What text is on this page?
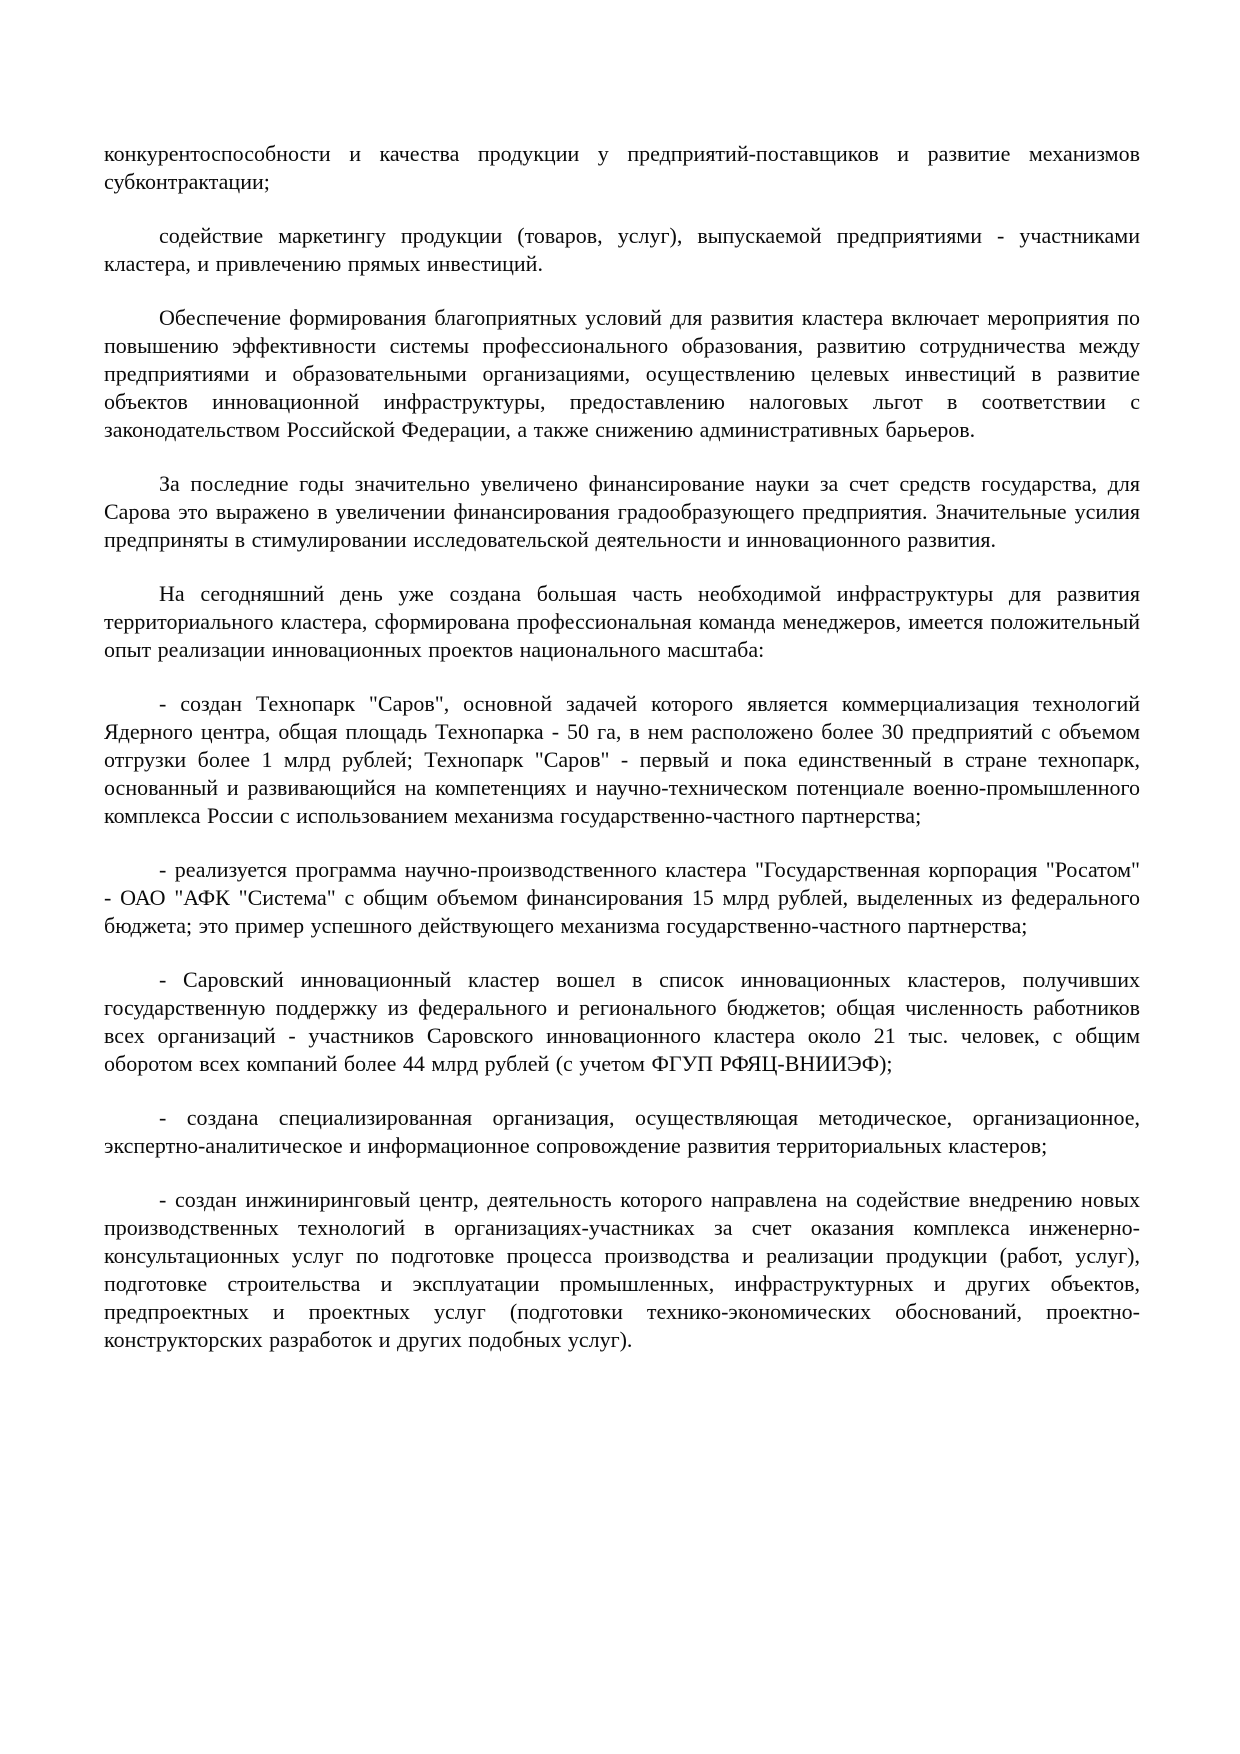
конкурентоспособности и качества продукции у предприятий-поставщиков и развитие механизмов субконтрактации;

содействие маркетингу продукции (товаров, услуг), выпускаемой предприятиями - участниками кластера, и привлечению прямых инвестиций.

Обеспечение формирования благоприятных условий для развития кластера включает мероприятия по повышению эффективности системы профессионального образования, развитию сотрудничества между предприятиями и образовательными организациями, осуществлению целевых инвестиций в развитие объектов инновационной инфраструктуры, предоставлению налоговых льгот в соответствии с законодательством Российской Федерации, а также снижению административных барьеров.

За последние годы значительно увеличено финансирование науки за счет средств государства, для Сарова это выражено в увеличении финансирования градообразующего предприятия. Значительные усилия предприняты в стимулировании исследовательской деятельности и инновационного развития.

На сегодняшний день уже создана большая часть необходимой инфраструктуры для развития территориального кластера, сформирована профессиональная команда менеджеров, имеется положительный опыт реализации инновационных проектов национального масштаба:

- создан Технопарк "Саров", основной задачей которого является коммерциализация технологий Ядерного центра, общая площадь Технопарка - 50 га, в нем расположено более 30 предприятий с объемом отгрузки более 1 млрд рублей; Технопарк "Саров" - первый и пока единственный в стране технопарк, основанный и развивающийся на компетенциях и научно-техническом потенциале военно-промышленного комплекса России с использованием механизма государственно-частного партнерства;

- реализуется программа научно-производственного кластера "Государственная корпорация "Росатом" - ОАО "АФК "Система" с общим объемом финансирования 15 млрд рублей, выделенных из федерального бюджета; это пример успешного действующего механизма государственно-частного партнерства;

- Саровский инновационный кластер вошел в список инновационных кластеров, получивших государственную поддержку из федерального и регионального бюджетов; общая численность работников всех организаций - участников Саровского инновационного кластера около 21 тыс. человек, с общим оборотом всех компаний более 44 млрд рублей (с учетом ФГУП РФЯЦ-ВНИИЭФ);

- создана специализированная организация, осуществляющая методическое, организационное, экспертно-аналитическое и информационное сопровождение развития территориальных кластеров;

- создан инжиниринговый центр, деятельность которого направлена на содействие внедрению новых производственных технологий в организациях-участниках за счет оказания комплекса инженерно-консультационных услуг по подготовке процесса производства и реализации продукции (работ, услуг), подготовке строительства и эксплуатации промышленных, инфраструктурных и других объектов, предпроектных и проектных услуг (подготовки технико-экономических обоснований, проектно-конструкторских разработок и других подобных услуг).
